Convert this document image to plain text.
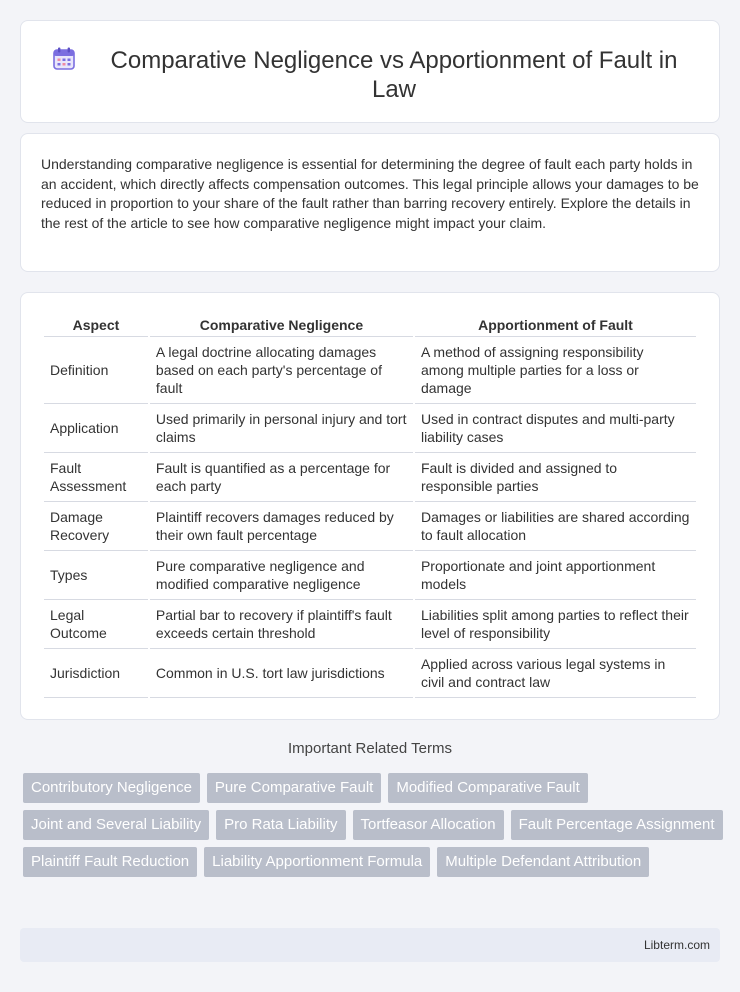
Comparative Negligence vs Apportionment of Fault in Law

Understanding comparative negligence is essential for determining the degree of fault each party holds in an accident, which directly affects compensation outcomes. This legal principle allows your damages to be reduced in proportion to your share of the fault rather than barring recovery entirely. Explore the details in the rest of the article to see how comparative negligence might impact your claim.

Aspect	Comparative Negligence	Apportionment of Fault
Definition	A legal doctrine allocating damages based on each party's percentage of fault	A method of assigning responsibility among multiple parties for a loss or damage
Application	Used primarily in personal injury and tort claims	Used in contract disputes and multi-party liability cases
Fault Assessment	Fault is quantified as a percentage for each party	Fault is divided and assigned to responsible parties
Damage Recovery	Plaintiff recovers damages reduced by their own fault percentage	Damages or liabilities are shared according to fault allocation
Types	Pure comparative negligence and modified comparative negligence	Proportionate and joint apportionment models
Legal Outcome	Partial bar to recovery if plaintiff's fault exceeds certain threshold	Liabilities split among parties to reflect their level of responsibility
Jurisdiction	Common in U.S. tort law jurisdictions	Applied across various legal systems in civil and contract law
Important Related Terms
Contributory Negligence	Pure Comparative Fault	Modified Comparative Fault
Joint and Several Liability	Pro Rata Liability	Tortfeasor Allocation	Fault Percentage Assignment
Plaintiff Fault Reduction	Liability Apportionment Formula	Multiple Defendant Attribution
Libterm.com
